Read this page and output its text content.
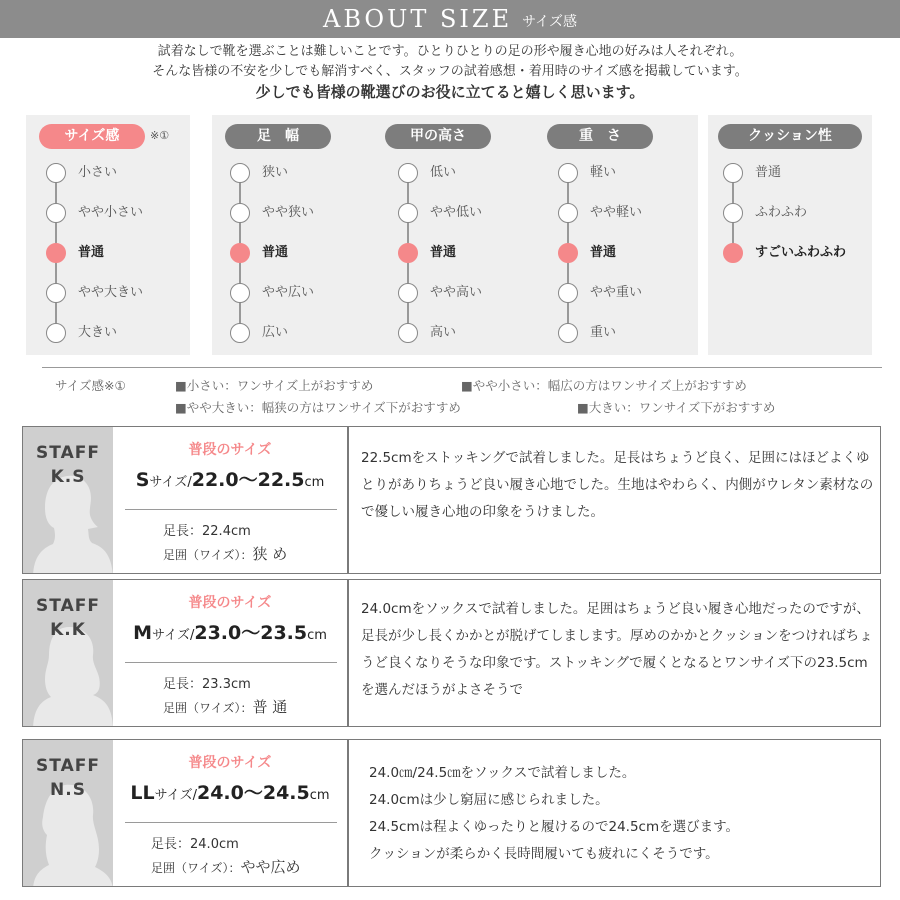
ABOUT SIZE サイズ感
試着なしで靴を選ぶことは難しいことです。ひとりひとりの足の形や履き心地の好みは人それぞれ。
そんな皆様の不安を少しでも解消すべく、スタッフの試着感想・着用時のサイズ感を掲載しています。
少しでも皆様の靴選びのお役に立てると嬉しく思います。
サイズ感	※①
小さい
やや小さい
普通
やや大きい
大きい
足　幅
狭い
やや狭い
普通
やや広い
広い
甲の高さ
低い
やや低い
普通
やや高い
高い
重　さ
軽い
やや軽い
普通
やや重い
重い
クッション性
普通
ふわふわ
すごいふわふわ
サイズ感※①	■小さい：ワンサイズ上がおすすめ	■やや小さい：幅広の方はワンサイズ上がおすすめ
■やや大きい：幅狭の方はワンサイズ下がおすすめ	■大きい：ワンサイズ下がおすすめ
STAFF
K.S
普段のサイズ
Sサイズ/22.0〜22.5cm
足長：22.4cm
足囲（ワイズ）：狭 め
22.5cmをストッキングで試着しました。足長はちょうど良く、足囲にはほどよくゆとりがありちょうど良い履き心地でした。生地はやわらく、内側がウレタン素材なので優しい履き心地の印象をうけました。
STAFF
K.K
普段のサイズ
Mサイズ/23.0〜23.5cm
足長：23.3cm
足囲（ワイズ）：普 通
24.0cmをソックスで試着しました。足囲はちょうど良い履き心地だったのですが、足長が少し長くかかとが脱げてしまします。厚めのかかとクッションをつければちょうど良くなりそうな印象です。ストッキングで履くとなるとワンサイズ下の23.5cmを選んだほうがよさそうで
STAFF
N.S
普段のサイズ
LLサイズ/24.0〜24.5cm
足長：24.0cm
足囲（ワイズ）：やや広め
24.0㎝/24.5㎝をソックスで試着しました。
24.0cmは少し窮屈に感じられました。
24.5cmは程よくゆったりと履けるので24.5cmを選びます。
クッションが柔らかく長時間履いても疲れにくそうです。
